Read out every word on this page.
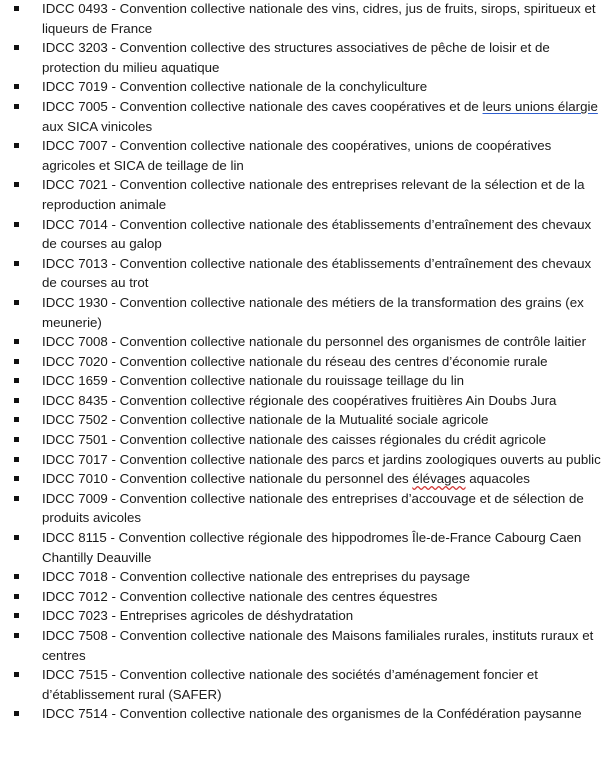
IDCC 0493 - Convention collective nationale des vins, cidres, jus de fruits, sirops, spiritueux et liqueurs de France
IDCC 3203 - Convention collective des structures associatives de pêche de loisir et de protection du milieu aquatique
IDCC 7019 - Convention collective nationale de la conchyliculture
IDCC 7005 - Convention collective nationale des caves coopératives et de leurs unions élargie aux SICA vinicoles
IDCC 7007 - Convention collective nationale des coopératives, unions de coopératives agricoles et SICA de teillage de lin
IDCC 7021 - Convention collective nationale des entreprises relevant de la sélection et de la reproduction animale
IDCC 7014 - Convention collective nationale des établissements d’entraînement des chevaux de courses au galop
IDCC 7013 - Convention collective nationale des établissements d’entraînement des chevaux de courses au trot
IDCC 1930 - Convention collective nationale des métiers de la transformation des grains (ex meunerie)
IDCC 7008 - Convention collective nationale du personnel des organismes de contrôle laitier
IDCC 7020 - Convention collective nationale du réseau des centres d’économie rurale
IDCC 1659 - Convention collective nationale du rouissage teillage du lin
IDCC 8435 - Convention collective régionale des coopératives fruitières Ain Doubs Jura
IDCC 7502 - Convention collective nationale de la Mutualité sociale agricole
IDCC 7501 - Convention collective nationale des caisses régionales du crédit agricole
IDCC 7017 - Convention collective nationale des parcs et jardins zoologiques ouverts au public
IDCC 7010 - Convention collective nationale du personnel des élévages aquacoles
IDCC 7009 - Convention collective nationale des entreprises d’accouvage et de sélection de produits avicoles
IDCC 8115 - Convention collective régionale des hippodromes Île-de-France Cabourg Caen Chantilly Deauville
IDCC 7018 - Convention collective nationale des entreprises du paysage
IDCC 7012 - Convention collective nationale des centres équestres
IDCC 7023 - Entreprises agricoles de déshydratation
IDCC 7508 - Convention collective nationale des Maisons familiales rurales, instituts ruraux et centres
IDCC 7515 - Convention collective nationale des sociétés d’aménagement foncier et d’établissement rural (SAFER)
IDCC 7514 - Convention collective nationale des organismes de la Confédération paysanne
